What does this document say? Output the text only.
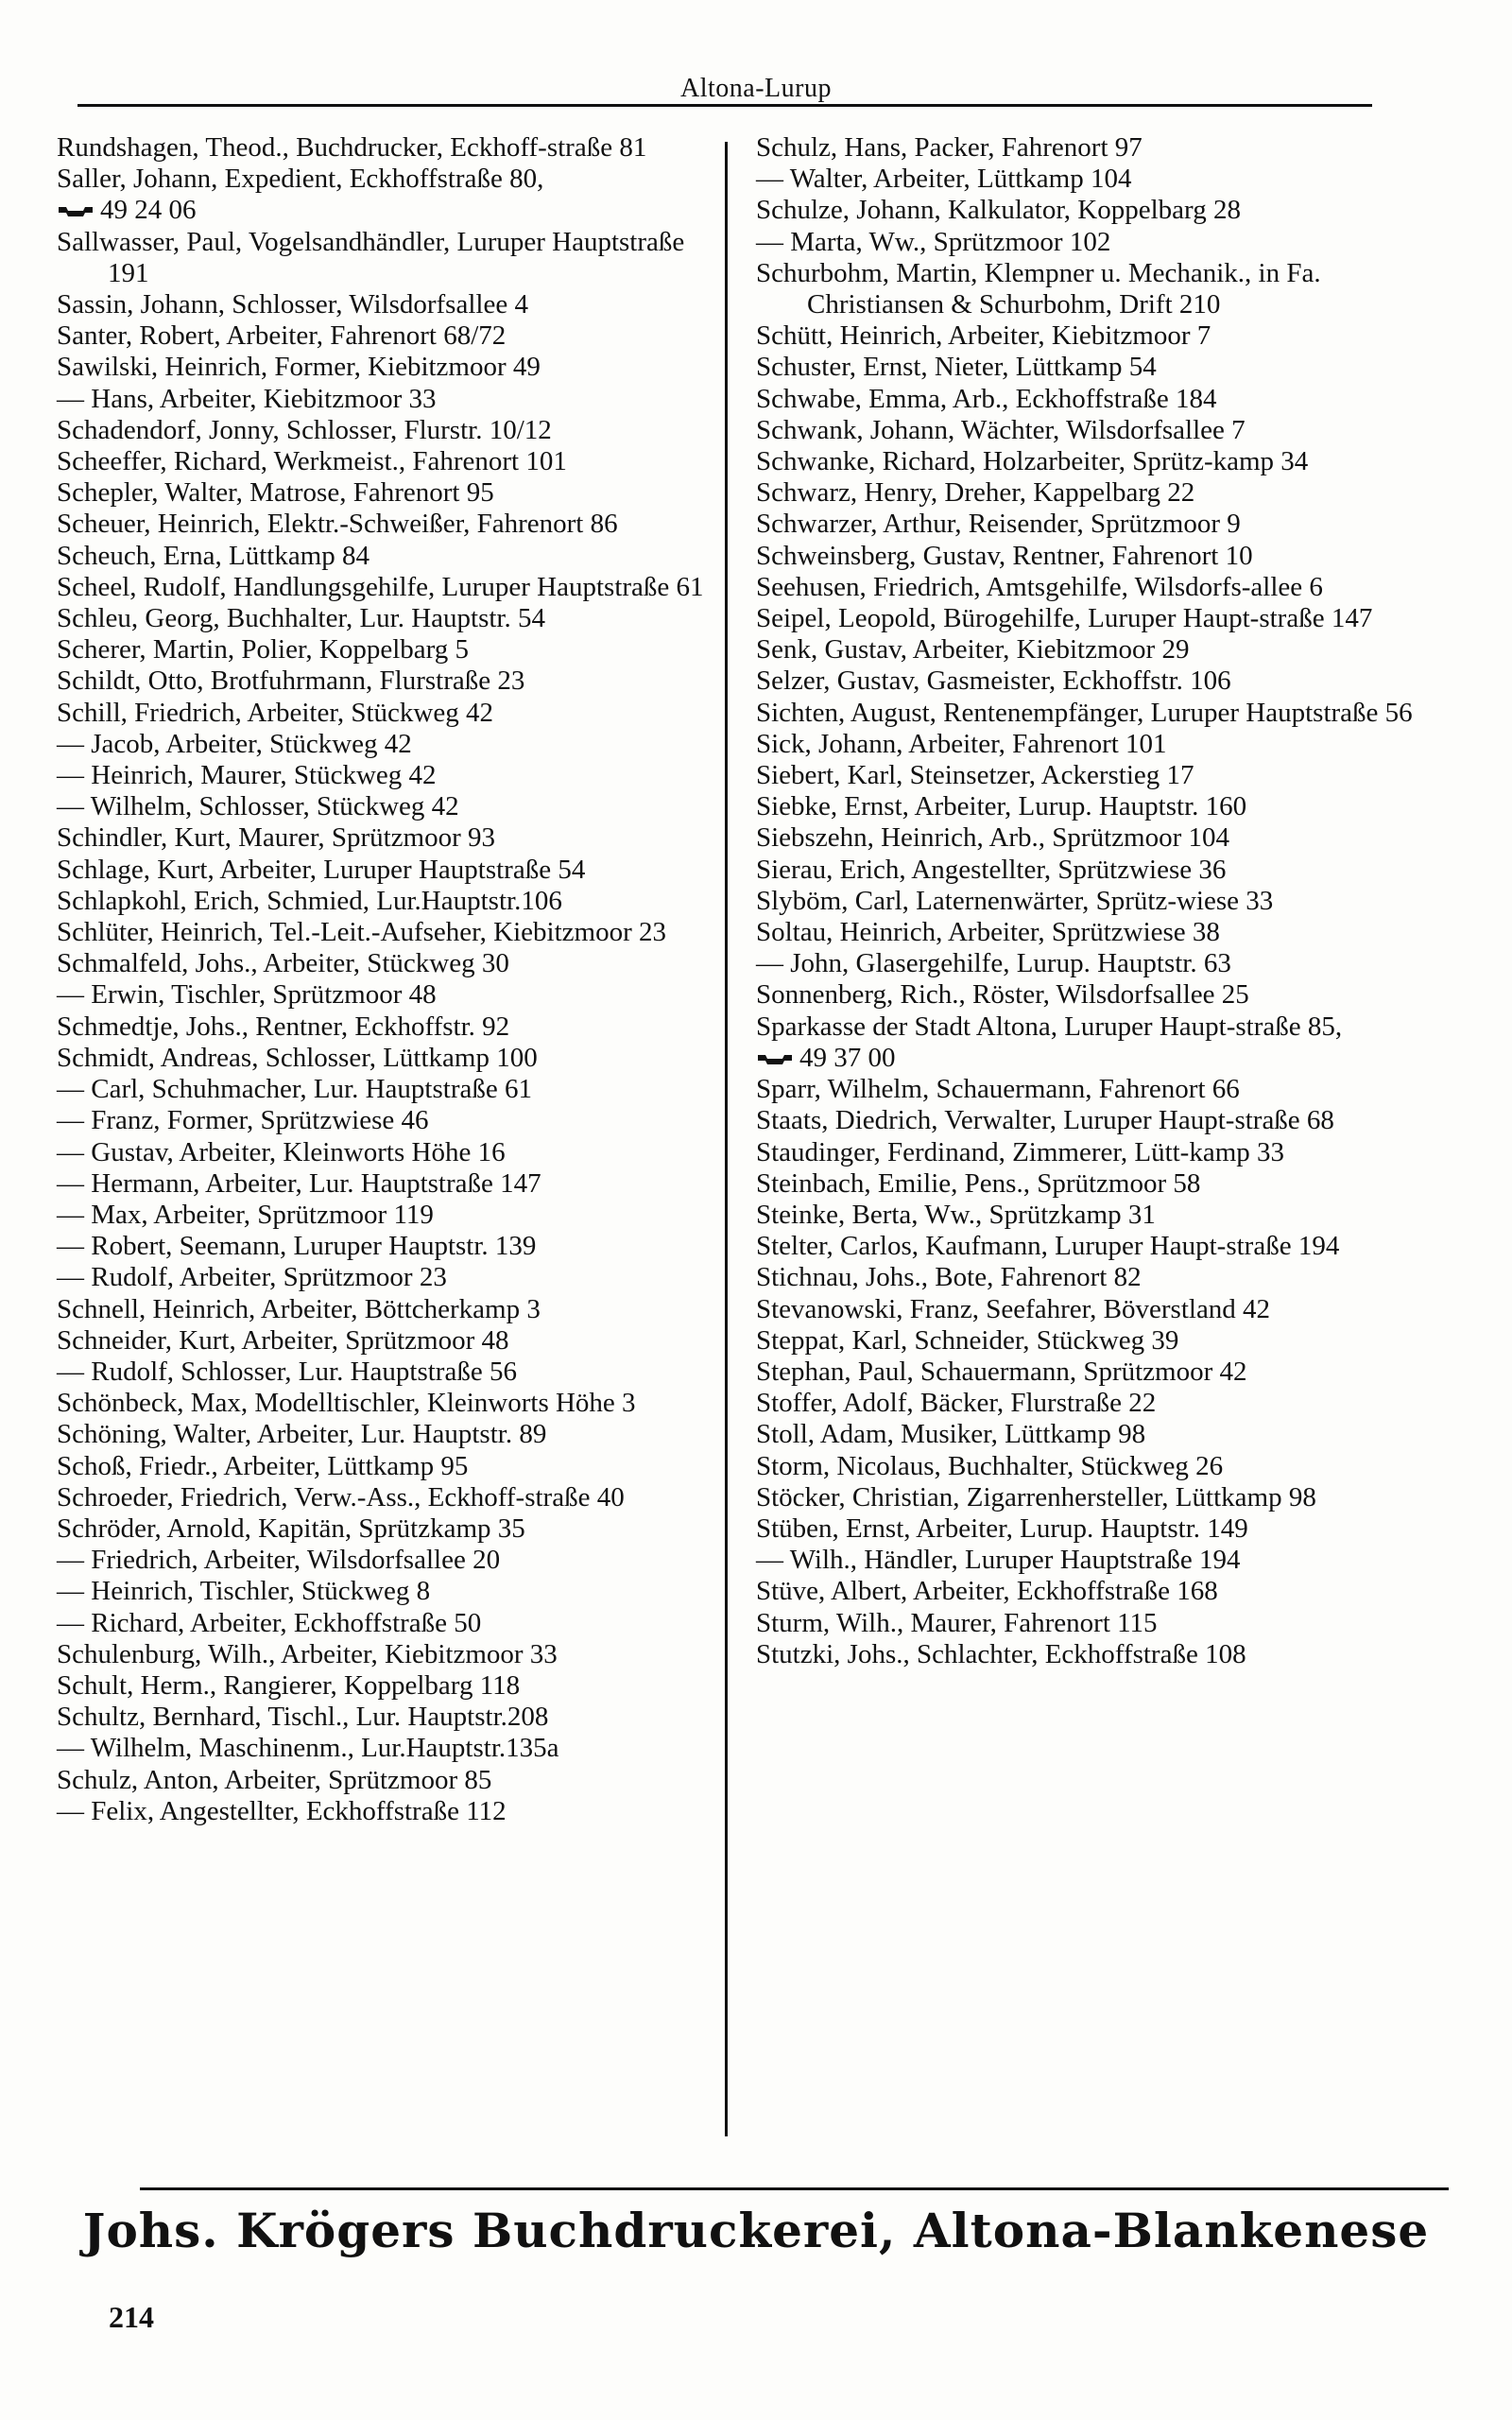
Altona-Lurup
Rundshagen, Theod., Buchdrucker, Eckhoff-straße 81
Saller, Johann, Expedient, Eckhoffstraße 80,
49 24 06
Sallwasser, Paul, Vogelsandhändler, Luruper Hauptstraße 191
Sassin, Johann, Schlosser, Wilsdorfsallee 4
Santer, Robert, Arbeiter, Fahrenort 68/72
Sawilski, Heinrich, Former, Kiebitzmoor 49
— Hans, Arbeiter, Kiebitzmoor 33
Schadendorf, Jonny, Schlosser, Flurstr. 10/12
Scheeffer, Richard, Werkmeist., Fahrenort 101
Schepler, Walter, Matrose, Fahrenort 95
Scheuer, Heinrich, Elektr.-Schweißer, Fahrenort 86
Scheuch, Erna, Lüttkamp 84
Scheel, Rudolf, Handlungsgehilfe, Luruper Hauptstraße 61
Schleu, Georg, Buchhalter, Lur. Hauptstr. 54
Scherer, Martin, Polier, Koppelbarg 5
Schildt, Otto, Brotfuhrmann, Flurstraße 23
Schill, Friedrich, Arbeiter, Stückweg 42
— Jacob, Arbeiter, Stückweg 42
— Heinrich, Maurer, Stückweg 42
— Wilhelm, Schlosser, Stückweg 42
Schindler, Kurt, Maurer, Sprützmoor 93
Schlage, Kurt, Arbeiter, Luruper Hauptstraße 54
Schlapkohl, Erich, Schmied, Lur.Hauptstr.106
Schlüter, Heinrich, Tel.-Leit.-Aufseher, Kiebitzmoor 23
Schmalfeld, Johs., Arbeiter, Stückweg 30
— Erwin, Tischler, Sprützmoor 48
Schmedtje, Johs., Rentner, Eckhoffstr. 92
Schmidt, Andreas, Schlosser, Lüttkamp 100
— Carl, Schuhmacher, Lur. Hauptstraße 61
— Franz, Former, Sprützwiese 46
— Gustav, Arbeiter, Kleinworts Höhe 16
— Hermann, Arbeiter, Lur. Hauptstraße 147
— Max, Arbeiter, Sprützmoor 119
— Robert, Seemann, Luruper Hauptstr. 139
— Rudolf, Arbeiter, Sprützmoor 23
Schnell, Heinrich, Arbeiter, Böttcherkamp 3
Schneider, Kurt, Arbeiter, Sprützmoor 48
— Rudolf, Schlosser, Lur. Hauptstraße 56
Schönbeck, Max, Modelltischler, Kleinworts Höhe 3
Schöning, Walter, Arbeiter, Lur. Hauptstr. 89
Schoß, Friedr., Arbeiter, Lüttkamp 95
Schroeder, Friedrich, Verw.-Ass., Eckhoff-straße 40
Schröder, Arnold, Kapitän, Sprützkamp 35
— Friedrich, Arbeiter, Wilsdorfsallee 20
— Heinrich, Tischler, Stückweg 8
— Richard, Arbeiter, Eckhoffstraße 50
Schulenburg, Wilh., Arbeiter, Kiebitzmoor 33
Schult, Herm., Rangierer, Koppelbarg 118
Schultz, Bernhard, Tischl., Lur. Hauptstr.208
— Wilhelm, Maschinenm., Lur.Hauptstr.135a
Schulz, Anton, Arbeiter, Sprützmoor 85
— Felix, Angestellter, Eckhoffstraße 112
Schulz, Hans, Packer, Fahrenort 97
— Walter, Arbeiter, Lüttkamp 104
Schulze, Johann, Kalkulator, Koppelbarg 28
— Marta, Ww., Sprützmoor 102
Schurbohm, Martin, Klempner u. Mechanik., in Fa. Christiansen & Schurbohm, Drift 210
Schütt, Heinrich, Arbeiter, Kiebitzmoor 7
Schuster, Ernst, Nieter, Lüttkamp 54
Schwabe, Emma, Arb., Eckhoffstraße 184
Schwank, Johann, Wächter, Wilsdorfsallee 7
Schwanke, Richard, Holzarbeiter, Sprütz-kamp 34
Schwarz, Henry, Dreher, Kappelbarg 22
Schwarzer, Arthur, Reisender, Sprützmoor 9
Schweinsberg, Gustav, Rentner, Fahrenort 10
Seehusen, Friedrich, Amtsgehilfe, Wilsdorfs-allee 6
Seipel, Leopold, Bürogehilfe, Luruper Haupt-straße 147
Senk, Gustav, Arbeiter, Kiebitzmoor 29
Selzer, Gustav, Gasmeister, Eckhoffstr. 106
Sichten, August, Rentenempfänger, Luruper Hauptstraße 56
Sick, Johann, Arbeiter, Fahrenort 101
Siebert, Karl, Steinsetzer, Ackerstieg 17
Siebke, Ernst, Arbeiter, Lurup. Hauptstr. 160
Siebszehn, Heinrich, Arb., Sprützmoor 104
Sierau, Erich, Angestellter, Sprützwiese 36
Slyböm, Carl, Laternenwärter, Sprütz-wiese 33
Soltau, Heinrich, Arbeiter, Sprützwiese 38
— John, Glasergehilfe, Lurup. Hauptstr. 63
Sonnenberg, Rich., Röster, Wilsdorfsallee 25
Sparkasse der Stadt Altona, Luruper Haupt-straße 85,
49 37 00
Sparr, Wilhelm, Schauermann, Fahrenort 66
Staats, Diedrich, Verwalter, Luruper Haupt-straße 68
Staudinger, Ferdinand, Zimmerer, Lütt-kamp 33
Steinbach, Emilie, Pens., Sprützmoor 58
Steinke, Berta, Ww., Sprützkamp 31
Stelter, Carlos, Kaufmann, Luruper Haupt-straße 194
Stichnau, Johs., Bote, Fahrenort 82
Stevanowski, Franz, Seefahrer, Böverstland 42
Steppat, Karl, Schneider, Stückweg 39
Stephan, Paul, Schauermann, Sprützmoor 42
Stoffer, Adolf, Bäcker, Flurstraße 22
Stoll, Adam, Musiker, Lüttkamp 98
Storm, Nicolaus, Buchhalter, Stückweg 26
Stöcker, Christian, Zigarrenhersteller, Lüttkamp 98
Stüben, Ernst, Arbeiter, Lurup. Hauptstr. 149
— Wilh., Händler, Luruper Hauptstraße 194
Stüve, Albert, Arbeiter, Eckhoffstraße 168
Sturm, Wilh., Maurer, Fahrenort 115
Stutzki, Johs., Schlachter, Eckhoffstraße 108
Johs. Krögers Buchdruckerei, Altona-Blankenese
214
